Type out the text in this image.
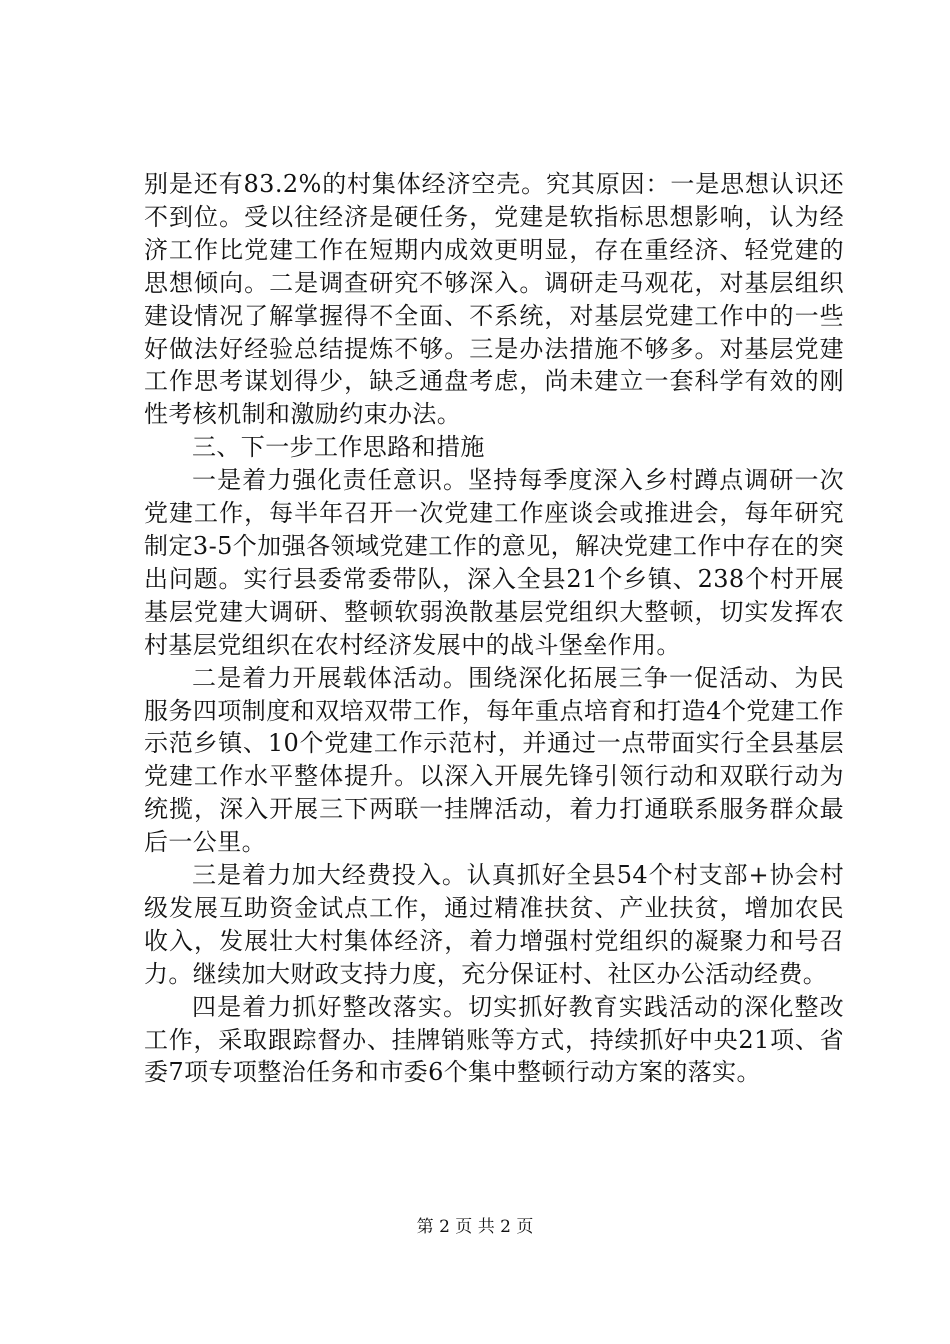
别是还有83.2%的村集体经济空壳。究其原因：一是思想认识还不到位。受以往经济是硬任务，党建是软指标思想影响，认为经济工作比党建工作在短期内成效更明显，存在重经济、轻党建的思想倾向。二是调查研究不够深入。调研走马观花，对基层组织建设情况了解掌握得不全面、不系统，对基层党建工作中的一些好做法好经验总结提炼不够。三是办法措施不够多。对基层党建工作思考谋划得少，缺乏通盘考虑，尚未建立一套科学有效的刚性考核机制和激励约束办法。

三、下一步工作思路和措施

一是着力强化责任意识。坚持每季度深入乡村蹲点调研一次党建工作，每半年召开一次党建工作座谈会或推进会，每年研究制定3-5个加强各领域党建工作的意见，解决党建工作中存在的突出问题。实行县委常委带队，深入全县21个乡镇、238个村开展基层党建大调研、整顿软弱涣散基层党组织大整顿，切实发挥农村基层党组织在农村经济发展中的战斗堡垒作用。

二是着力开展载体活动。围绕深化拓展三争一促活动、为民服务四项制度和双培双带工作，每年重点培育和打造4个党建工作示范乡镇、10个党建工作示范村，并通过一点带面实行全县基层党建工作水平整体提升。以深入开展先锋引领行动和双联行动为统揽，深入开展三下两联一挂牌活动，着力打通联系服务群众最后一公里。

三是着力加大经费投入。认真抓好全县54个村支部+协会村级发展互助资金试点工作，通过精准扶贫、产业扶贫，增加农民收入，发展壮大村集体经济，着力增强村党组织的凝聚力和号召力。继续加大财政支持力度，充分保证村、社区办公活动经费。

四是着力抓好整改落实。切实抓好教育实践活动的深化整改工作，采取跟踪督办、挂牌销账等方式，持续抓好中央21项、省委7项专项整治任务和市委6个集中整顿行动方案的落实。

第 2 页 共 2 页
